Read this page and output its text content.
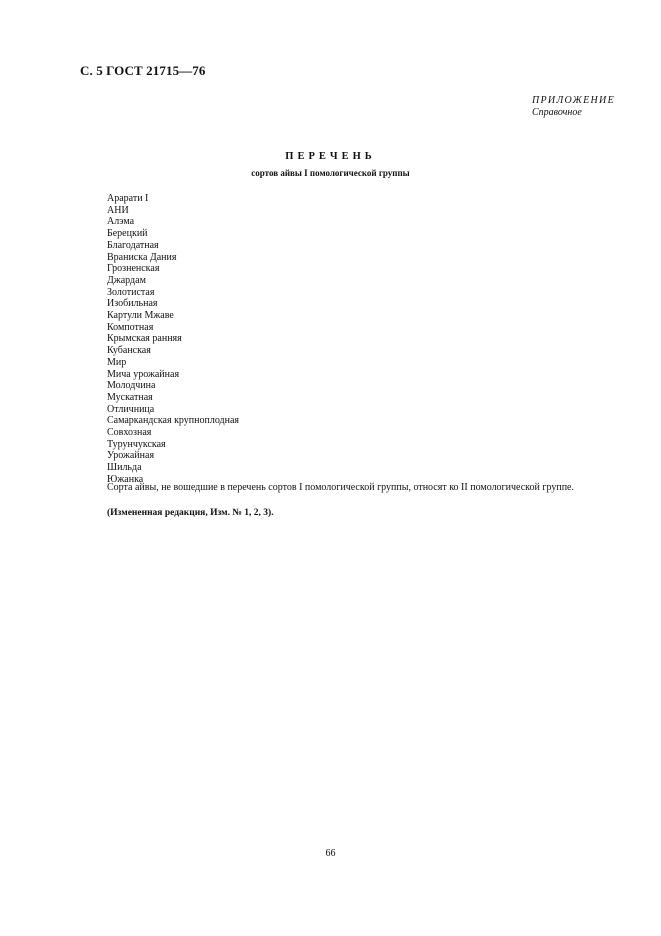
С. 5 ГОСТ 21715—76
ПРИЛОЖЕНИЕ
Справочное
ПЕРЕЧЕНЬ
сортов айвы I помологической группы
Арарати I
АНИ
Алэма
Берецкий
Благодатная
Враниска Дания
Грозненская
Джардам
Золотистая
Изобильная
Картули Мжаве
Компотная
Крымская ранняя
Кубанская
Мир
Мича урожайная
Молодчина
Мускатная
Отличница
Самаркандская крупноплодная
Совхозная
Турунчукская
Урожайная
Шильда
Южанка
Сорта айвы, не вошедшие в перечень сортов I помологической группы, относят ко II помологической группе.
(Измененная редакция, Изм. № 1, 2, 3).
66
